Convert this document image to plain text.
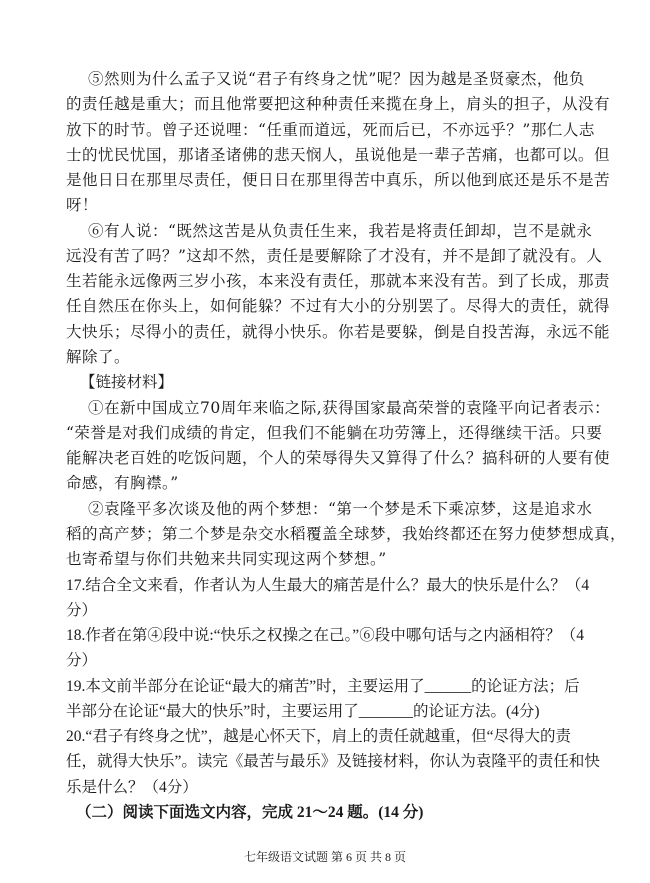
七年级语文试题 第 6 页 共 8 页
⑤然则为什么孟子又说“君子有终身之忧”呢？因为越是圣贤豪杰，他负
的责任越是重大；而且他常要把这种种责任来揽在身上，肩头的担子，从没有
放下的时节。曾子还说哩：“任重而道远，死而后已，不亦远乎？”那仁人志
士的忧民忧国，那诸圣诸佛的悲天悯人，虽说他是一辈子苦痛，也都可以。但
是他日日在那里尽责任，便日日在那里得苦中真乐，所以他到底还是乐不是苦
呀！
⑥有人说：“既然这苦是从负责任生来，我若是将责任卸却，岂不是就永
远没有苦了吗？”这却不然，责任是要解除了才没有，并不是卸了就没有。人
生若能永远像两三岁小孩，本来没有责任，那就本来没有苦。到了长成，那责
任自然压在你头上，如何能躲？不过有大小的分别罢了。尽得大的责任，就得
大快乐；尽得小的责任，就得小快乐。你若是要躲，倒是自投苦海，永远不能
解除了。
【链接材料】
①在新中国成立70周年来临之际,获得国家最高荣誉的袁隆平向记者表示：
“荣誉是对我们成绩的肯定，但我们不能躺在功劳簿上，还得继续干活。只要
能解决老百姓的吃饭问题，个人的荣辱得失又算得了什么？搞科研的人要有使
命感，有胸襟。”
②袁隆平多次谈及他的两个梦想：“第一个梦是禾下乘凉梦，这是追求水
稻的高产梦；第二个梦是杂交水稻覆盖全球梦，我始终都还在努力使梦想成真，
也寄希望与你们共勉来共同实现这两个梦想。”
17.结合全文来看，作者认为人生最大的痛苦是什么？最大的快乐是什么？（4
分）
18.作者在第④段中说:“快乐之权操之在己。”⑥段中哪句话与之内涵相符？（4
分）
19.本文前半部分在论证“最大的痛苦”时，主要运用了______的论证方法；后
半部分在论证“最大的快乐”时，主要运用了_______的论证方法。(4分)
20.“君子有终身之忧”，越是心怀天下，肩上的责任就越重，但“尽得大的责
任，就得大快乐”。读完《最苦与最乐》及链接材料，你认为袁隆平的责任和快
乐是什么？（4分）
（二）阅读下面选文内容，完成 21～24 题。(14 分)
